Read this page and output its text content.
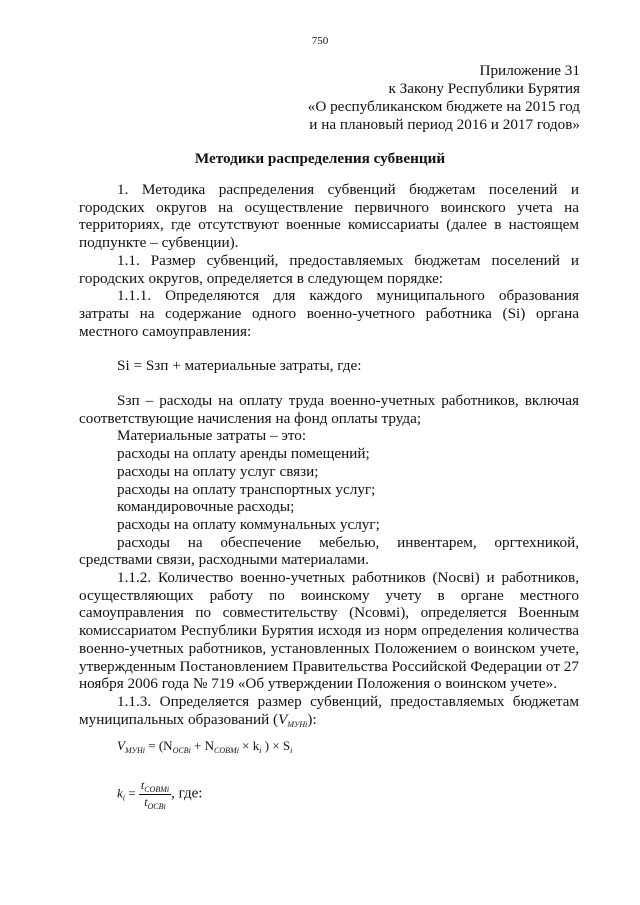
750
Приложение 31
к Закону Республики Бурятия
«О республиканском бюджете на 2015 год
и на плановый период 2016 и 2017 годов»
Методики распределения субвенций

1. Методика распределения субвенций бюджетам поселений и городских округов на осуществление первичного воинского учета на территориях, где отсутствуют военные комиссариаты (далее в настоящем подпункте – субвенции).

1.1. Размер субвенций, предоставляемых бюджетам поселений и городских округов, определяется в следующем порядке:

1.1.1. Определяются для каждого муниципального образования затраты на содержание одного военно-учетного работника (Si) органа местного самоуправления:

Si = Sзп + материальные затраты, где:

Sзп – расходы на оплату труда военно-учетных работников, включая соответствующие начисления на фонд оплаты труда;

Материальные затраты – это:

расходы на оплату аренды помещений;

расходы на оплату услуг связи;

расходы на оплату транспортных услуг;

командировочные расходы;

расходы на оплату коммунальных услуг;

расходы на обеспечение мебелью, инвентарем, оргтехникой, средствами связи, расходными материалами.

1.1.2. Количество военно-учетных работников (Nосвi) и работников, осуществляющих работу по воинскому учету в органе местного самоуправления по совместительству (Nсовмi), определяется Военным комиссариатом Республики Бурятия исходя из норм определения количества военно-учетных работников, установленных Положением о воинском учете, утвержденным Постановлением Правительства Российской Федерации от 27 ноября 2006 года № 719 «Об утверждении Положения о воинском учете».

1.1.3. Определяется размер субвенций, предоставляемых бюджетам муниципальных образований $(V_{МУНi})$:

$V_{МУНi} = (N_{ОСВi} + N_{СОВМi} \times k_i$ ) × $S_i$
$k_i = \frac{t_{СОВМi}}{t_{ОСВi}}$ , где:
